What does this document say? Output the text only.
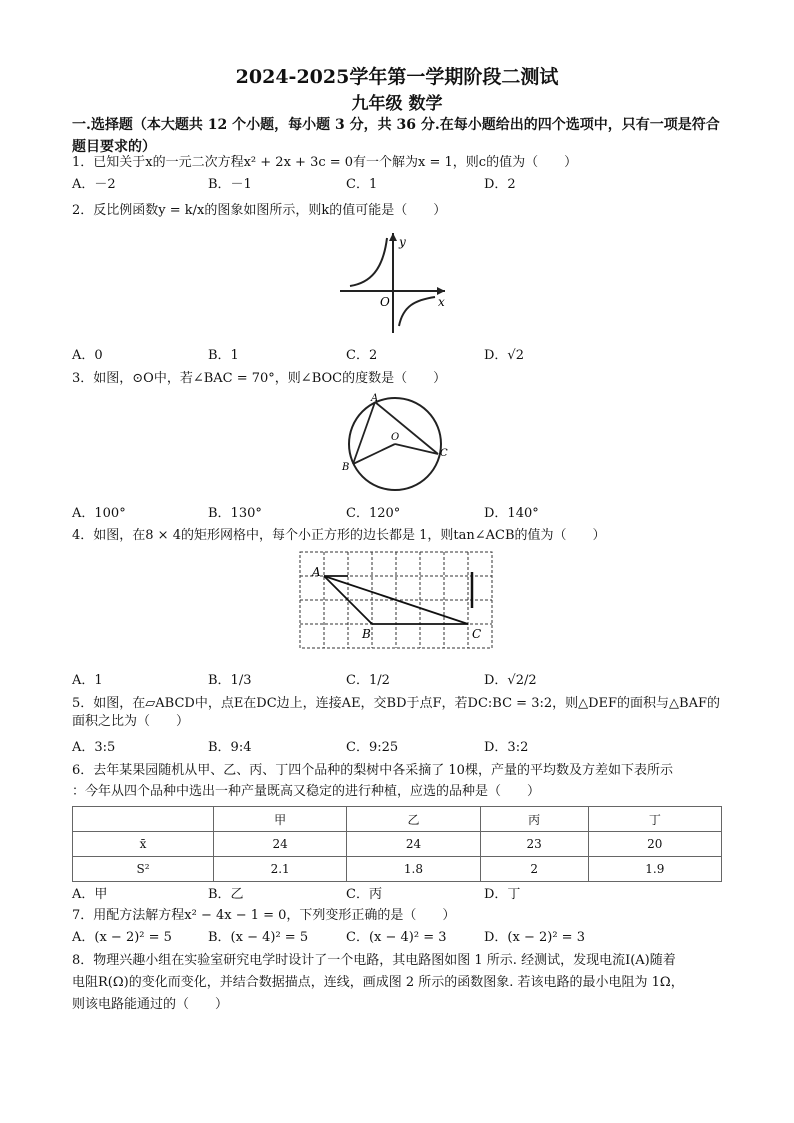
2024-2025学年第一学期阶段二测试
九年级 数学
一.选择题（本大题共 12 个小题，每小题 3 分，共 36 分.在每小题给出的四个选项中，只有一项是符合题目要求的）
1．已知关于x的一元二次方程x² + 2x + 3c = 0有一个解为x = 1，则c的值为（　　）
A．－2	B．－1	C．1	D．2
2．反比例函数y = k/x的图象如图所示，则k的值可能是（　　）
y
x
O
A．0	B．1	C．2	D．√2
3．如图，⊙O中，若∠BAC = 70°，则∠BOC的度数是（　　）
A
B
C
O
A．100°	B．130°	C．120°	D．140°
4．如图，在8 × 4的矩形网格中，每个小正方形的边长都是 1，则tan∠ACB的值为（　　）
A
B	C
A．1	B．1/3	C．1/2	D．√2/2
5．如图，在▱ABCD中，点E在DC边上，连接AE，交BD于点F，若DC:BC = 3:2，则△DEF的面积与△BAF的面积之比为（　　）
A．3:5	B．9:4	C．9:25	D．3:2
6．去年某果园随机从甲、乙、丙、丁四个品种的梨树中各采摘了 10棵，产量的平均数及方差如下表所示
：今年从四个品种中选出一种产量既高又稳定的进行种植，应选的品种是（　　）
	甲	乙	丙	丁
x̄	24	24	23	20
S²	2.1	1.8	2	1.9
A．甲	B．乙	C．丙	D．丁
7．用配方法解方程x² − 4x − 1 = 0，下列变形正确的是（　　）
A．(x − 2)² = 5	B．(x − 4)² = 5	C．(x − 4)² = 3	D．(x − 2)² = 3
8．物理兴趣小组在实验室研究电学时设计了一个电路，其电路图如图 1 所示. 经测试，发现电流I(A)随着
电阻R(Ω)的变化而变化，并结合数据描点，连线，画成图 2 所示的函数图象. 若该电路的最小电阻为 1Ω，
则该电路能通过的（　　）
